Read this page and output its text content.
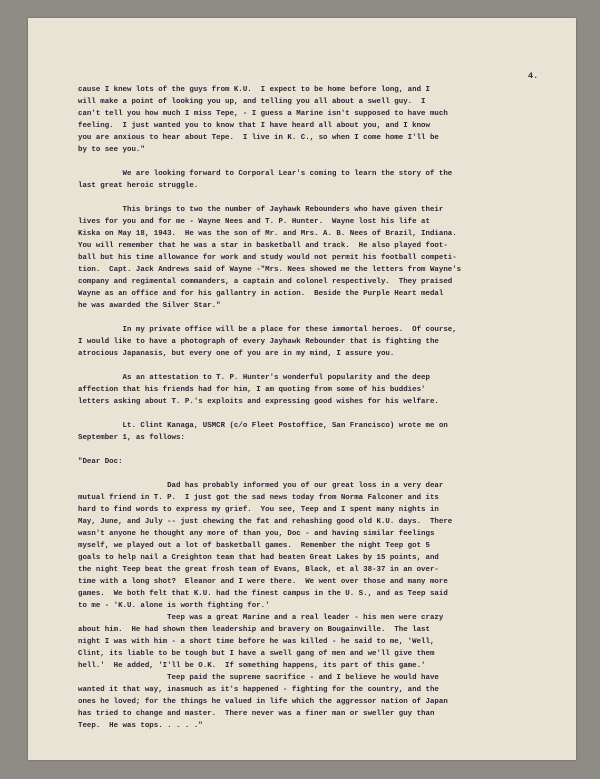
4.
cause I knew lots of the guys from K.U.  I expect to be home before long, and I
will make a point of looking you up, and telling you all about a swell guy.  I
can't tell you how much I miss Tepe, - I guess a Marine isn't supposed to have much
feeling.  I just wanted you to know that I have heard all about you, and I know
you are anxious to hear about Tepe.  I live in K. C., so when I come home I'll be
by to see you."
We are looking forward to Corporal Lear's coming to learn the story of the
last great heroic struggle.
This brings to two the number of Jayhawk Rebounders who have given their
lives for you and for me - Wayne Nees and T. P. Hunter.  Wayne lost his life at
Kiska on May 18, 1943.  He was the son of Mr. and Mrs. A. B. Nees of Brazil, Indiana.
You will remember that he was a star in basketball and track.  He also played foot-
ball but his time allowance for work and study would not permit his football competi-
tion.  Capt. Jack Andrews said of Wayne -"Mrs. Nees showed me the letters from Wayne's
company and regimental commanders, a captain and colonel respectively.  They praised
Wayne as an office and for his gallantry in action.  Beside the Purple Heart medal
he was awarded the Silver Star."
In my private office will be a place for these immortal heroes.  Of course,
I would like to have a photograph of every Jayhawk Rebounder that is fighting the
atrocious Japanasis, but every one of you are in my mind, I assure you.
As an attestation to T. P. Hunter's wonderful popularity and the deep
affection that his friends had for him, I am quoting from some of his buddies'
letters asking about T. P.'s exploits and expressing good wishes for his welfare.
Lt. Clint Kanaga, USMCR (c/o Fleet Postoffice, San Francisco) wrote me on
September 1, as follows:
"Dear Doc:
Dad has probably informed you of our great loss in a very dear
mutual friend in T. P.  I just got the sad news today from Norma Falconer and its
hard to find words to express my grief.  You see, Teep and I spent many nights in
May, June, and July -- just chewing the fat and rehashing good old K.U. days.  There
wasn't anyone he thought any more of than you, Doc - and having similar feelings
myself, we played out a lot of basketball games.  Remember the night Teep got 5
goals to help nail a Creighton team that had beaten Great Lakes by 15 points, and
the night Teep beat the great frosh team of Evans, Black, et al 38-37 in an over-
time with a long shot?  Eleanor and I were there.  We went over those and many more
games.  We both felt that K.U. had the finest campus in the U. S., and as Teep said
to me - 'K.U. alone is worth fighting for.'
Teep was a great Marine and a real leader - his men were crazy
about him.  He had shown them leadership and bravery on Bougainville.  The last
night I was with him - a short time before he was killed - he said to me, 'Well,
Clint, its liable to be tough but I have a swell gang of men and we'll give them
hell.'  He added, 'I'll be O.K.  If something happens, its part of this game.'
Teep paid the supreme sacrifice - and I believe he would have
wanted it that way, inasmuch as it's happened - fighting for the country, and the
ones he loved; for the things he valued in life which the aggressor nation of Japan
has tried to change and master.  There never was a finer man or sweller guy than
Teep.  He was tops. . . . ."
